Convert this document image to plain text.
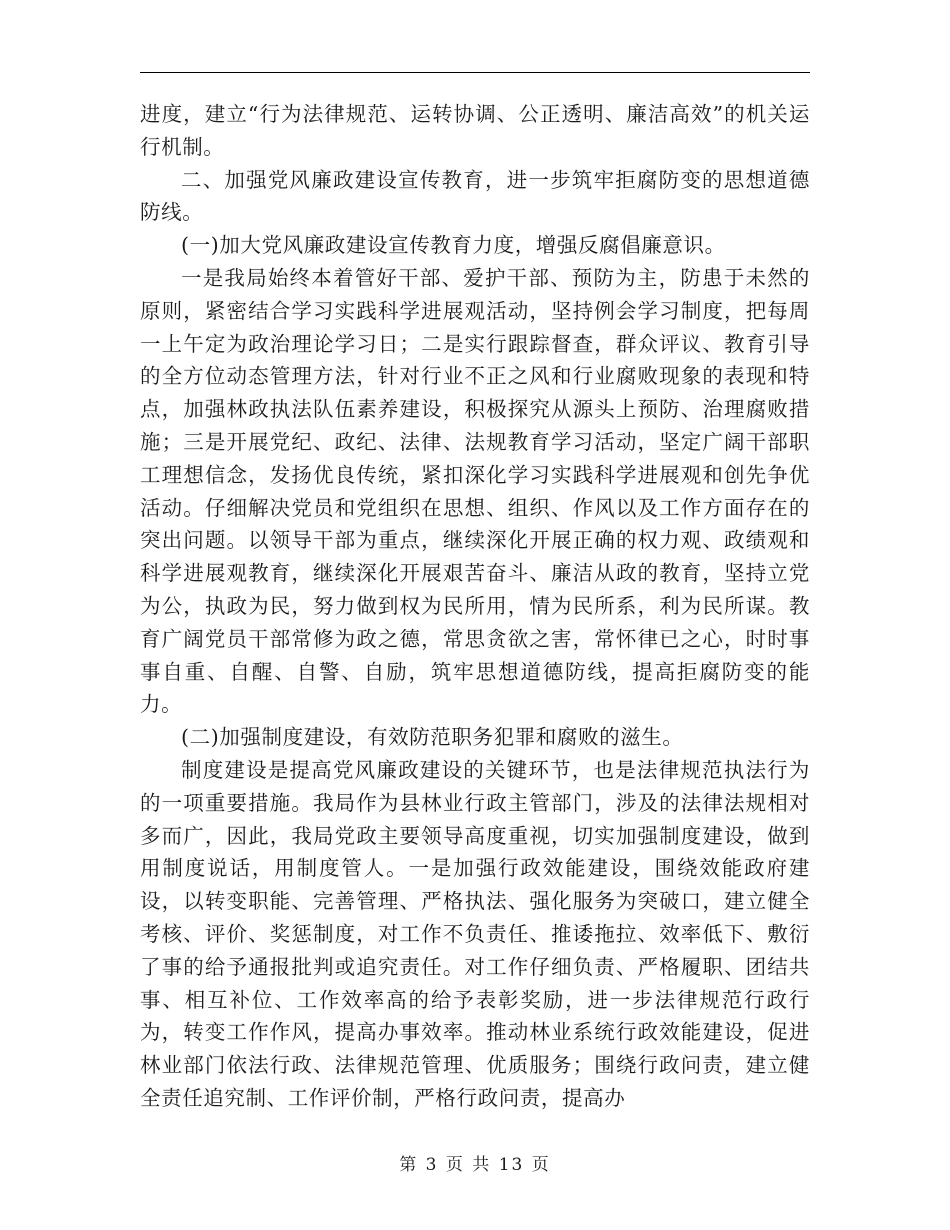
进度，建立“行为法律规范、运转协调、公正透明、廉洁高效”的机关运行机制。

二、加强党风廉政建设宣传教育，进一步筑牢拒腐防变的思想道德防线。

(一)加大党风廉政建设宣传教育力度，增强反腐倡廉意识。

一是我局始终本着管好干部、爱护干部、预防为主，防患于未然的原则，紧密结合学习实践科学进展观活动，坚持例会学习制度，把每周一上午定为政治理论学习日；二是实行跟踪督查，群众评议、教育引导的全方位动态管理方法，针对行业不正之风和行业腐败现象的表现和特点，加强林政执法队伍素养建设，积极探究从源头上预防、治理腐败措施；三是开展党纪、政纪、法律、法规教育学习活动，坚定广阔干部职工理想信念，发扬优良传统，紧扣深化学习实践科学进展观和创先争优活动。仔细解决党员和党组织在思想、组织、作风以及工作方面存在的突出问题。以领导干部为重点，继续深化开展正确的权力观、政绩观和科学进展观教育，继续深化开展艰苦奋斗、廉洁从政的教育，坚持立党为公，执政为民，努力做到权为民所用，情为民所系，利为民所谋。教育广阔党员干部常修为政之德，常思贪欲之害，常怀律已之心，时时事事自重、自醒、自警、自励，筑牢思想道德防线，提高拒腐防变的能力。

(二)加强制度建设，有效防范职务犯罪和腐败的滋生。

制度建设是提高党风廉政建设的关键环节，也是法律规范执法行为的一项重要措施。我局作为县林业行政主管部门，涉及的法律法规相对多而广，因此，我局党政主要领导高度重视，切实加强制度建设，做到用制度说话，用制度管人。一是加强行政效能建设，围绕效能政府建设，以转变职能、完善管理、严格执法、强化服务为突破口，建立健全考核、评价、奖惩制度，对工作不负责任、推诿拖拉、效率低下、敷衍了事的给予通报批判或追究责任。对工作仔细负责、严格履职、团结共事、相互补位、工作效率高的给予表彰奖励，进一步法律规范行政行为，转变工作作风，提高办事效率。推动林业系统行政效能建设，促进林业部门依法行政、法律规范管理、优质服务；围绕行政问责，建立健全责任追究制、工作评价制，严格行政问责，提高办

第 3 页 共 13 页
